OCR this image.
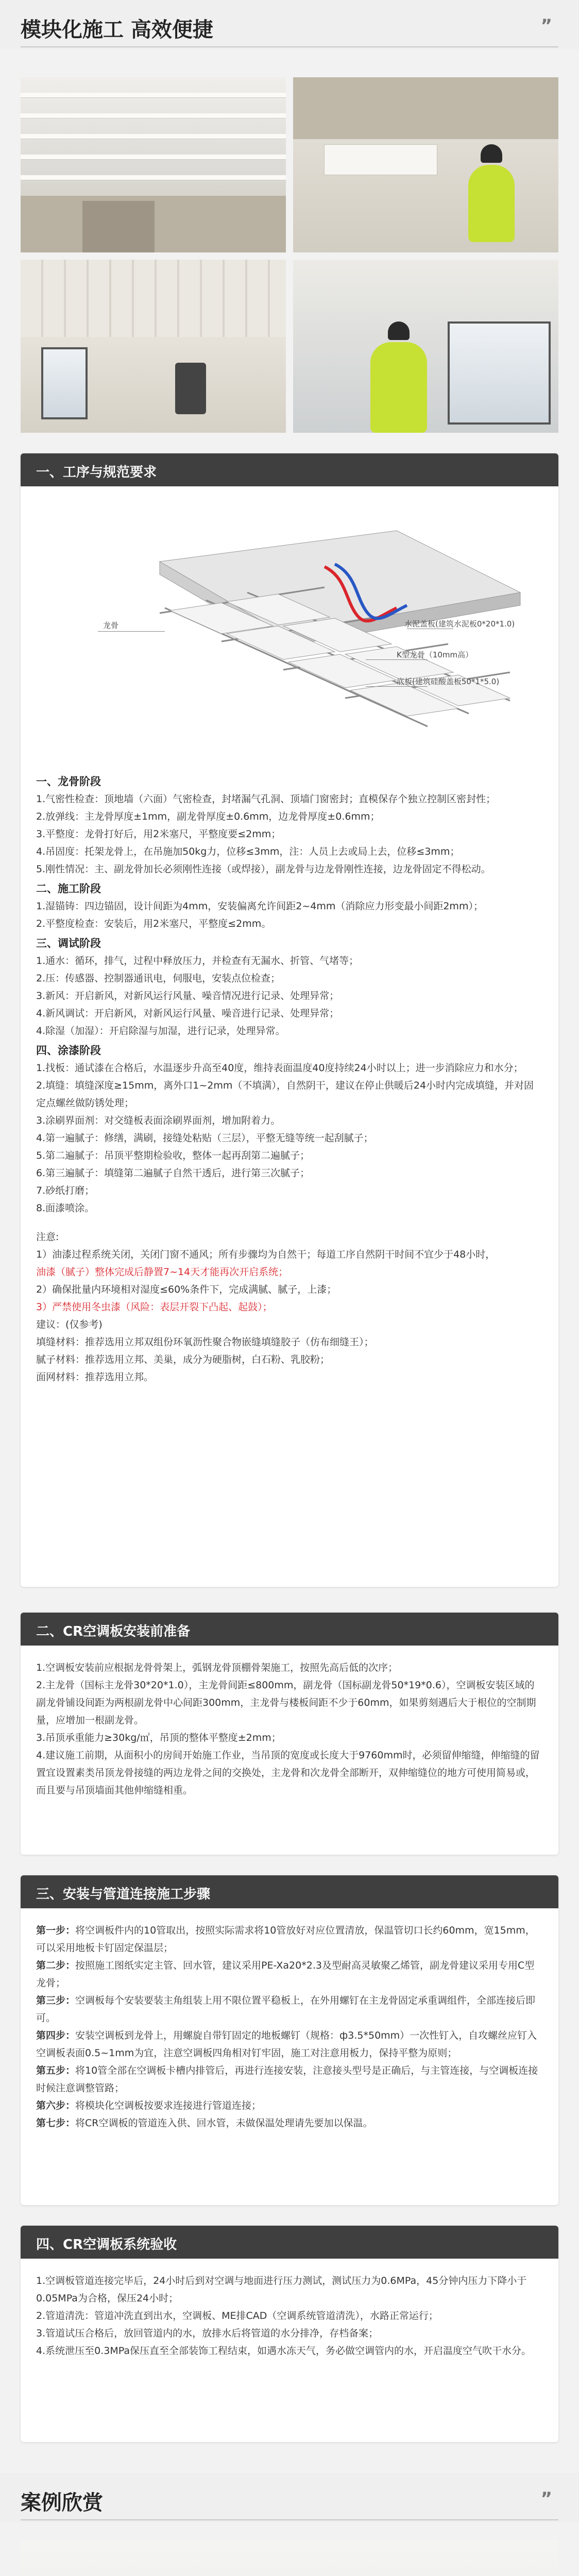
模块化施工 高效便捷	”
一、工序与规范要求
龙骨	水泥盖板(建筑水泥板0*20*1.0)
K型龙骨（10mm高）
底板(建筑硅酸盖板50*1*5.0)

一、龙骨阶段

1.气密性检查：顶地墙（六面）气密检查，封堵漏气孔洞、顶墙门窗密封；直模保存个独立控制区密封性；

2.放弹线：主龙骨厚度±1mm，副龙骨厚度±0.6mm，边龙骨厚度±0.6mm；

3.平整度：龙骨打好后，用2米塞尺，平整度要≤2mm；

4.吊固度：托架龙骨上，在吊施加50kg力，位移≤3mm，注：人员上去或局上去，位移≤3mm；

5.刚性情况：主、副龙骨加长必须刚性连接（或焊接），副龙骨与边龙骨刚性连接，边龙骨固定不得松动。

二、施工阶段

1.湿锚铸：四边锚固，设计间距为4mm，安装偏离允许间距2~4mm（消除应力形变最小间距2mm）；

2.平整度检查：安装后，用2米塞尺，平整度≤2mm。

三、调试阶段

1.通水：循环，排气，过程中释放压力，并检查有无漏水、折管、气堵等；

2.压：传感器、控制器通讯电，伺服电，安装点位检查；

3.新风：开启新风，对新风运行风量、噪音情况进行记录、处理异常；

4.新风调试：开启新风，对新风运行风量、噪音进行记录、处理异常；

4.除湿（加湿）：开启除湿与加湿，进行记录，处理异常。

四、涂漆阶段

1.找板：通试漆在合格后，水温逐步升高至40度，维持表面温度40度持续24小时以上；进一步消除应力和水分；

2.填缝：填缝深度≥15mm，离外口1~2mm（不填满），自然阴干，建议在停止供暖后24小时内完成填缝，并对固定点螺丝做防锈处理；

3.涂刷界面剂：对交缝板表面涂刷界面剂，增加附着力。

4.第一遍腻子：修缮，满刷，接缝处粘贴（三层），平整无缝等统一起刮腻子；

5.第二遍腻子：吊顶平整期检验收，整体一起再刮第二遍腻子；

6.第三遍腻子：填缝第二遍腻子自然干透后，进行第三次腻子；

7.砂纸打磨；

8.面漆喷涂。

注意:

1）油漆过程系统关闭，关闭门窗不通风；所有步骤均为自然干；每道工序自然阴干时间不宜少于48小时，

油漆（腻子）整体完成后静置7~14天才能再次开启系统；

2）确保批量内环境相对湿度≤60%条件下，完成满腻、腻子，上漆；

3）严禁使用冬虫漆（风险：表层开裂下凸起、起鼓）；

建议：(仅参考)

填缝材料：推荐选用立邦双组份环氧沥性聚合物嵌缝填缝胶子（仿布细缝王）；

腻子材料：推荐选用立邦、美巢，成分为硬脂树，白石粉、乳胶粉；

面网材料：推荐选用立邦。

二、CR空调板安装前准备

1.空调板安装前应根据龙骨骨架上，弧钢龙骨顶棚骨架施工，按照先高后低的次序；

2.主龙骨（国标主龙骨30*20*1.0），主龙骨间距≤800mm，副龙骨（国标副龙骨50*19*0.6），空调板安装区域的副龙骨铺设间距为两根副龙骨中心间距300mm，主龙骨与楼板间距不少于60mm，如果剪刻遇后大于根位的空制期量，应增加一根副龙骨。

3.吊顶承重能力≥30kg/㎡，吊顶的整体平整度±2mm；

4.建议施工前期，从面积小的房间开始施工作业，当吊顶的宽度或长度大于9760mm时，必须留伸缩缝，伸缩缝的留置宜设置素类吊顶龙骨接缝的两边龙骨之间的交换处，主龙骨和次龙骨全部断开，双伸缩缝位的地方可使用简易或，而且要与吊顶墙面其他伸缩缝相重。

三、安装与管道连接施工步骤

第一步：将空调板件内的10管取出，按照实际需求将10管放好对应位置清放，保温管切口长约60mm，宽15mm，可以采用地板卡钉固定保温层；

第二步：按照施工图纸实定主管、回水管，建议采用PE-Xa20*2.3及型耐高灵敏聚乙烯管，副龙骨建议采用专用C型龙骨；

第三步：空调板每个安装要装主角组装上用不限位置平稳板上，在外用螺钉在主龙骨固定承重调组件，全部连接后即可。

第四步：安装空调板到龙骨上，用螺旋自带钉固定的地板螺钉（规格：ф3.5*50mm）一次性钉入，自攻螺丝应钉入空调板表面0.5~1mm为宜，注意空调板四角相对钉牢固，施工对注意用板力，保持平整为原则；

第五步：将10管全部在空调板卡槽内排管后，再进行连接安装，注意接头型号是正确后，与主管连接，与空调板连接时候注意调整管路；

第六步：将模块化空调板按要求连接进行管道连接；

第七步：将CR空调板的管道连入供、回水管，未做保温处理请先要加以保温。

四、CR空调板系统验收

1.空调板管道连接完毕后，24小时后到对空调与地面进行压力测试，测试压力为0.6MPa，45分钟内压力下降小于0.05MPa为合格，保压24小时；

2.管道清洗：管道冲洗直到出水，空调板、ME排CAD（空调系统管道清洗），水路正常运行；

3.管道试压合格后，放回管道内的水，放排水后将管道的水分排净，存档备案；

4.系统泄压至0.3MPa保压直至全部装饰工程结束，如遇水冻天气，务必做空调管内的水，开启温度空气吹干水分。

案例欣赏	”
